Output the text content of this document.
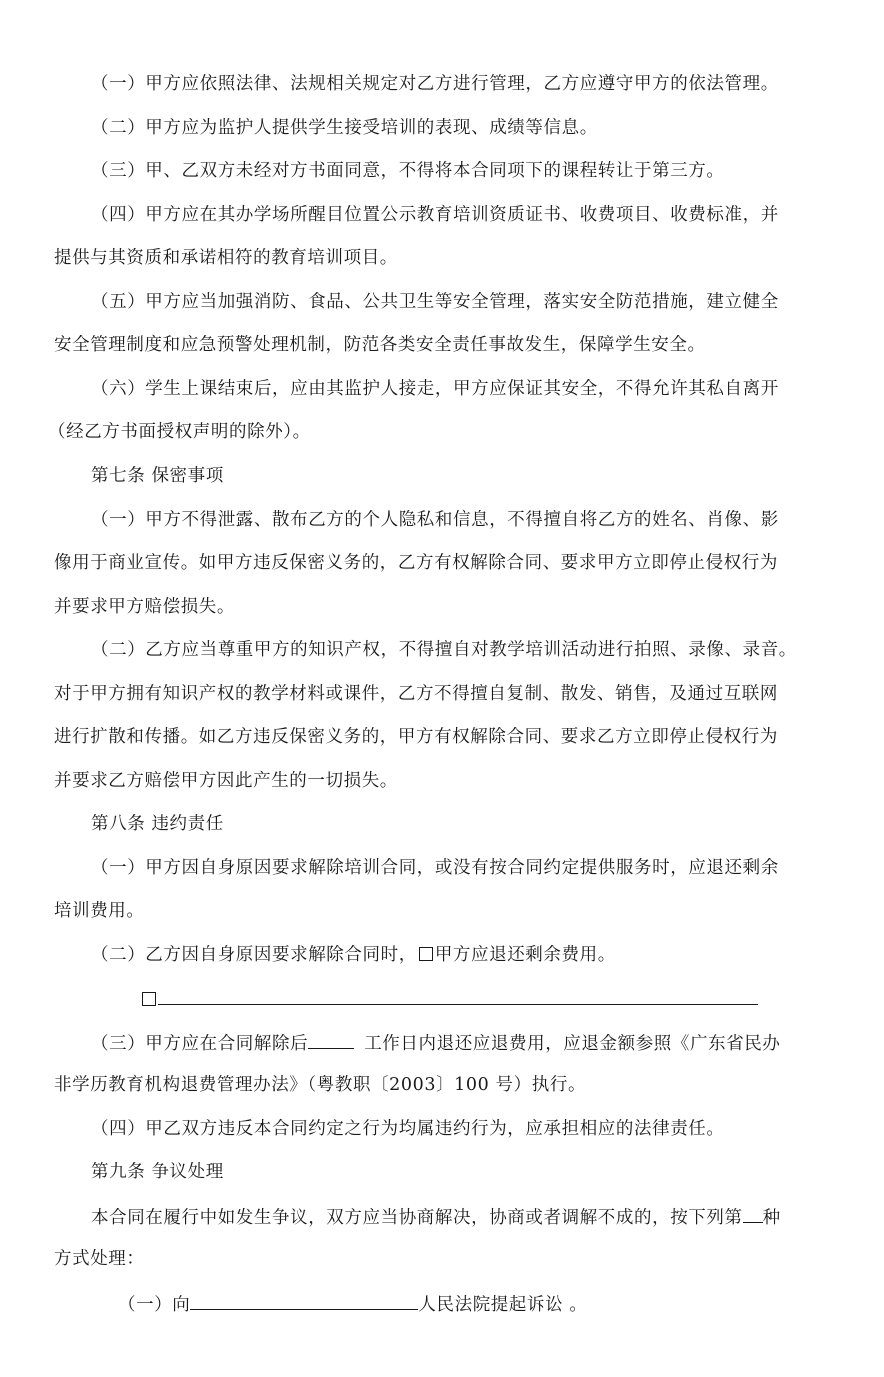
（一）甲方应依照法律、法规相关规定对乙方进行管理，乙方应遵守甲方的依法管理。
（二）甲方应为监护人提供学生接受培训的表现、成绩等信息。
（三）甲、乙双方未经对方书面同意，不得将本合同项下的课程转让于第三方。
（四）甲方应在其办学场所醒目位置公示教育培训资质证书、收费项目、收费标准，并
提供与其资质和承诺相符的教育培训项目。
（五）甲方应当加强消防、食品、公共卫生等安全管理，落实安全防范措施，建立健全
安全管理制度和应急预警处理机制，防范各类安全责任事故发生，保障学生安全。
（六）学生上课结束后，应由其监护人接走，甲方应保证其安全，不得允许其私自离开
（经乙方书面授权声明的除外）。
第七条 保密事项
（一）甲方不得泄露、散布乙方的个人隐私和信息，不得擅自将乙方的姓名、肖像、影
像用于商业宣传。如甲方违反保密义务的，乙方有权解除合同、要求甲方立即停止侵权行为
并要求甲方赔偿损失。
（二）乙方应当尊重甲方的知识产权，不得擅自对教学培训活动进行拍照、录像、录音。
对于甲方拥有知识产权的教学材料或课件，乙方不得擅自复制、散发、销售，及通过互联网
进行扩散和传播。如乙方违反保密义务的，甲方有权解除合同、要求乙方立即停止侵权行为
并要求乙方赔偿甲方因此产生的一切损失。
第八条 违约责任
（一）甲方因自身原因要求解除培训合同，或没有按合同约定提供服务时，应退还剩余
培训费用。
（二）乙方因自身原因要求解除合同时， 甲方应退还剩余费用。
（三）甲方应在合同解除后	工作日内退还应退费用，应退金额参照《广东省民办
非学历教育机构退费管理办法》（粤教职〔2003〕100 号）执行。
（四）甲乙双方违反本合同约定之行为均属违约行为，应承担相应的法律责任。
第九条 争议处理
本合同在履行中如发生争议，双方应当协商解决，协商或者调解不成的，按下列第 种
方式处理：
（一）向	人民法院提起诉讼 。
